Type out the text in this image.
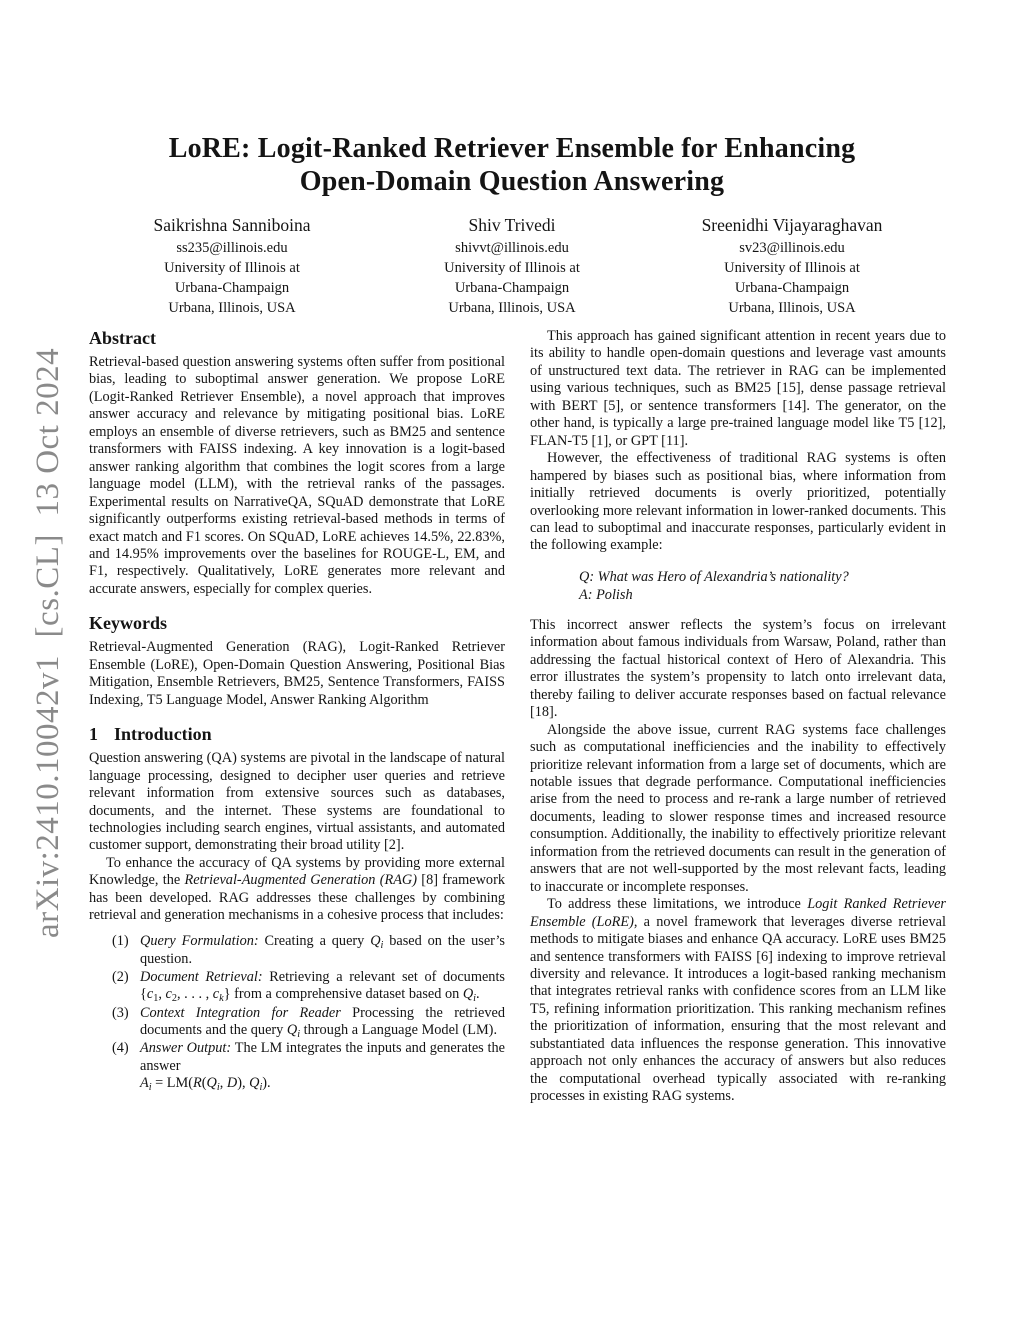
arXiv:2410.10042v1  [cs.CL]  13 Oct 2024
LoRE: Logit-Ranked Retriever Ensemble for Enhancing
Open-Domain Question Answering
Saikrishna Sanniboina
ss235@illinois.edu
University of Illinois at
Urbana-Champaign
Urbana, Illinois, USA
Shiv Trivedi
shivvt@illinois.edu
University of Illinois at
Urbana-Champaign
Urbana, Illinois, USA
Sreenidhi Vijayaraghavan
sv23@illinois.edu
University of Illinois at
Urbana-Champaign
Urbana, Illinois, USA
Abstract

Retrieval-based question answering systems often suffer from positional bias, leading to suboptimal answer generation. We propose LoRE (Logit-Ranked Retriever Ensemble), a novel approach that improves answer accuracy and relevance by mitigating positional bias. LoRE employs an ensemble of diverse retrievers, such as BM25 and sentence transformers with FAISS indexing. A key innovation is a logit-based answer ranking algorithm that combines the logit scores from a large language model (LLM), with the retrieval ranks of the passages. Experimental results on NarrativeQA, SQuAD demonstrate that LoRE significantly outperforms existing retrieval-based methods in terms of exact match and F1 scores. On SQuAD, LoRE achieves 14.5%, 22.83%, and 14.95% improvements over the baselines for ROUGE-L, EM, and F1, respectively. Qualitatively, LoRE generates more relevant and accurate answers, especially for complex queries.

Keywords

Retrieval-Augmented Generation (RAG), Logit-Ranked Retriever Ensemble (LoRE), Open-Domain Question Answering, Positional Bias Mitigation, Ensemble Retrievers, BM25, Sentence Transformers, FAISS Indexing, T5 Language Model, Answer Ranking Algorithm

1 Introduction

Question answering (QA) systems are pivotal in the landscape of natural language processing, designed to decipher user queries and retrieve relevant information from extensive sources such as databases, documents, and the internet. These systems are foundational to technologies including search engines, virtual assistants, and automated customer support, demonstrating their broad utility [2].

To enhance the accuracy of QA systems by providing more external Knowledge, the Retrieval-Augmented Generation (RAG) [8] framework has been developed. RAG addresses these challenges by combining retrieval and generation mechanisms in a cohesive process that includes:

(1) Query Formulation: Creating a query $Q_i$ based on the user’s question.
(2) Document Retrieval: Retrieving a relevant set of documents {$c_1$, $c_2$, . . . , $c_k$} from a comprehensive dataset based on $Q_i$.
(3) Context Integration for Reader Processing the retrieved documents and the query $Q_i$ through a Language Model (LM).
(4) Answer Output: The LM integrates the inputs and generates the answer
$A_i = LM(R(Q_i$, D), $Q_i$).

This approach has gained significant attention in recent years due to its ability to handle open-domain questions and leverage vast amounts of unstructured text data. The retriever in RAG can be implemented using various techniques, such as BM25 [15], dense passage retrieval with BERT [5], or sentence transformers [14]. The generator, on the other hand, is typically a large pre-trained language model like T5 [12], FLAN-T5 [1], or GPT [11].

However, the effectiveness of traditional RAG systems is often hampered by biases such as positional bias, where information from initially retrieved documents is overly prioritized, potentially overlooking more relevant information in lower-ranked documents. This can lead to suboptimal and inaccurate responses, particularly evident in the following example:

Q: What was Hero of Alexandria’s nationality?
A: Polish

This incorrect answer reflects the system’s focus on irrelevant information about famous individuals from Warsaw, Poland, rather than addressing the factual historical context of Hero of Alexandria. This error illustrates the system’s propensity to latch onto irrelevant data, thereby failing to deliver accurate responses based on factual relevance [18].

Alongside the above issue, current RAG systems face challenges such as computational inefficiencies and the inability to effectively prioritize relevant information from a large set of documents, which are notable issues that degrade performance. Computational inefficiencies arise from the need to process and re-rank a large number of retrieved documents, leading to slower response times and increased resource consumption. Additionally, the inability to effectively prioritize relevant information from the retrieved documents can result in the generation of answers that are not well-supported by the most relevant facts, leading to inaccurate or incomplete responses.

To address these limitations, we introduce Logit Ranked Retriever Ensemble (LoRE), a novel framework that leverages diverse retrieval methods to mitigate biases and enhance QA accuracy. LoRE uses BM25 and sentence transformers with FAISS [6] indexing to improve retrieval diversity and relevance. It introduces a logit-based ranking mechanism that integrates retrieval ranks with confidence scores from an LLM like T5, refining information prioritization. This ranking mechanism refines the prioritization of information, ensuring that the most relevant and substantiated data influences the response generation. This innovative approach not only enhances the accuracy of answers but also reduces the computational overhead typically associated with re-ranking processes in existing RAG systems.
